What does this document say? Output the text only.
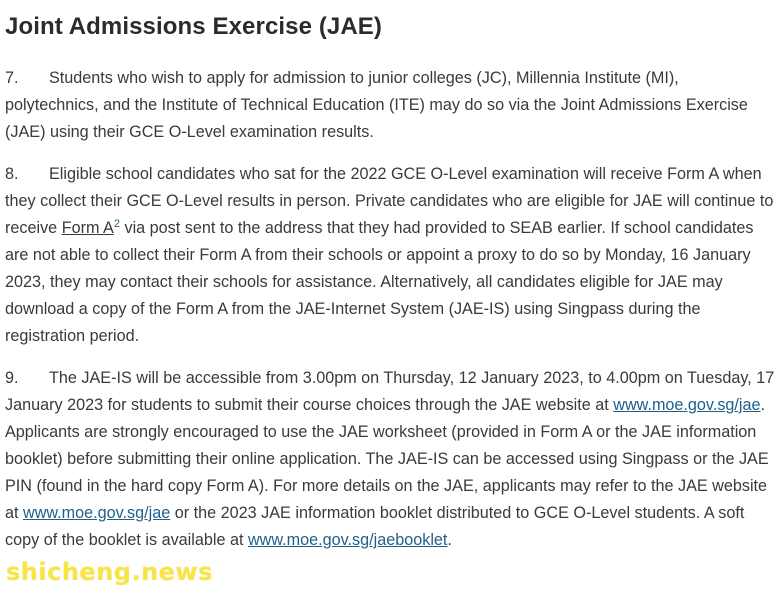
Joint Admissions Exercise (JAE)

7. Students who wish to apply for admission to junior colleges (JC), Millennia Institute (MI), polytechnics, and the Institute of Technical Education (ITE) may do so via the Joint Admissions Exercise (JAE) using their GCE O-Level examination results.

8. Eligible school candidates who sat for the 2022 GCE O-Level examination will receive Form A when they collect their GCE O-Level results in person. Private candidates who are eligible for JAE will continue to receive Form $A^2$ via post sent to the address that they had provided to SEAB earlier. If school candidates are not able to collect their Form A from their schools or appoint a proxy to do so by Monday, 16 January 2023, they may contact their schools for assistance. Alternatively, all candidates eligible for JAE may download a copy of the Form A from the JAE-Internet System (JAE-IS) using Singpass during the registration period.

9. The JAE-IS will be accessible from 3.00pm on Thursday, 12 January 2023, to 4.00pm on Tuesday, 17 January 2023 for students to submit their course choices through the JAE website at www.moe.gov.sg/jae. Applicants are strongly encouraged to use the JAE worksheet (provided in Form A or the JAE information booklet) before submitting their online application. The JAE-IS can be accessed using Singpass or the JAE PIN (found in the hard copy Form A). For more details on the JAE, applicants may refer to the JAE website at www.moe.gov.sg/jae or the 2023 JAE information booklet distributed to GCE O-Level students. A soft copy of the booklet is available at www.moe.gov.sg/jaebooklet.

shicheng.news
